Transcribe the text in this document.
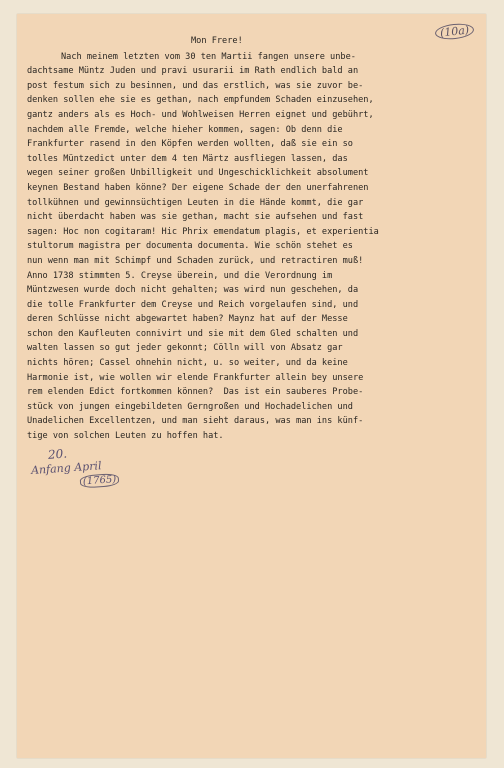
(10a)
Mon Frere!
Nach meinem letzten vom 30 ten Martii fangen unsere unbe-
dachtsame Müntz Juden und pravi usurarii im Rath endlich bald an
post festum sich zu besinnen, und das erstlich, was sie zuvor be-
denken sollen ehe sie es gethan, nach empfundem Schaden einzusehen,
gantz anders als es Hoch- und Wohlweisen Herren eignet und gebührt,
nachdem alle Fremde, welche hieher kommen, sagen: Ob denn die
Frankfurter rasend in den Köpfen werden wollten, daß sie ein so
tolles Müntzedict unter dem 4 ten Märtz ausfliegen lassen, das
wegen seiner großen Unbilligkeit und Ungeschicklichkeit absolument
keynen Bestand haben könne? Der eigene Schade der den unerfahrenen
tollkühnen und gewinnsüchtigen Leuten in die Hände kommt, die gar
nicht überdacht haben was sie gethan, macht sie aufsehen und fast
sagen: Hoc non cogitaram! Hic Phrix emendatum plagis, et experientia
stultorum magistra per documenta documenta. Wie schön stehet es
nun wenn man mit Schimpf und Schaden zurück, und retractiren muß!
Anno 1738 stimmten 5. Creyse überein, und die Verordnung im
Müntzwesen wurde doch nicht gehalten; was wird nun geschehen, da
die tolle Frankfurter dem Creyse und Reich vorgelaufen sind, und
deren Schlüsse nicht abgewartet haben? Maynz hat auf der Messe
schon den Kaufleuten connivirt und sie mit dem Gled schalten und
walten lassen so gut jeder gekonnt; Cölln will von Absatz gar
nichts hören; Cassel ohnehin nicht, u. so weiter, und da keine
Harmonie ist, wie wollen wir elende Frankfurter allein bey unsere
rem elenden Edict fortkommen können?  Das ist ein sauberes Probe-
stück von jungen eingebildeten Gerngroßen und Hochadelichen und
Unadelichen Excellentzen, und man sieht daraus, was man ins künf-
tige von solchen Leuten zu hoffen hat.
20.
Anfang April
(1765)
